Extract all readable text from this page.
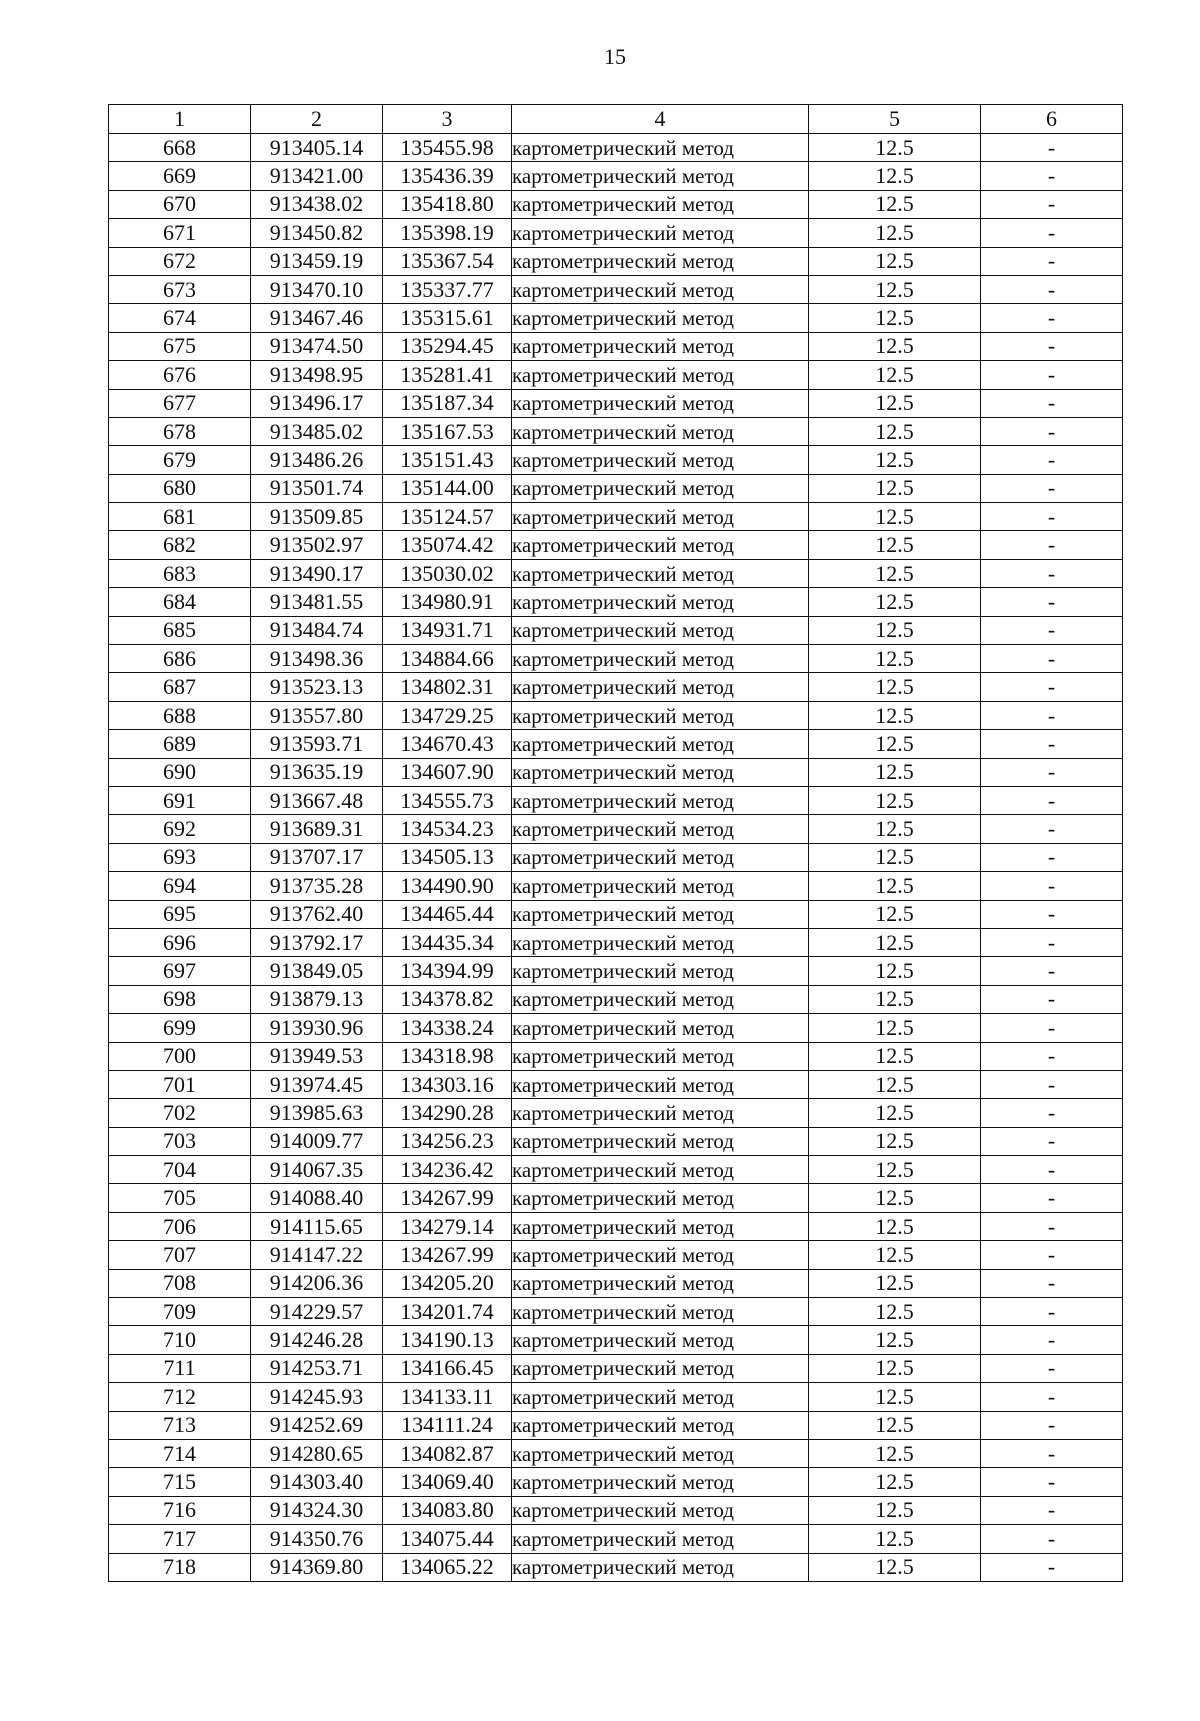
15
1	2	3	4	5	6
668	913405.14	135455.98	картометрический метод	12.5	-
669	913421.00	135436.39	картометрический метод	12.5	-
670	913438.02	135418.80	картометрический метод	12.5	-
671	913450.82	135398.19	картометрический метод	12.5	-
672	913459.19	135367.54	картометрический метод	12.5	-
673	913470.10	135337.77	картометрический метод	12.5	-
674	913467.46	135315.61	картометрический метод	12.5	-
675	913474.50	135294.45	картометрический метод	12.5	-
676	913498.95	135281.41	картометрический метод	12.5	-
677	913496.17	135187.34	картометрический метод	12.5	-
678	913485.02	135167.53	картометрический метод	12.5	-
679	913486.26	135151.43	картометрический метод	12.5	-
680	913501.74	135144.00	картометрический метод	12.5	-
681	913509.85	135124.57	картометрический метод	12.5	-
682	913502.97	135074.42	картометрический метод	12.5	-
683	913490.17	135030.02	картометрический метод	12.5	-
684	913481.55	134980.91	картометрический метод	12.5	-
685	913484.74	134931.71	картометрический метод	12.5	-
686	913498.36	134884.66	картометрический метод	12.5	-
687	913523.13	134802.31	картометрический метод	12.5	-
688	913557.80	134729.25	картометрический метод	12.5	-
689	913593.71	134670.43	картометрический метод	12.5	-
690	913635.19	134607.90	картометрический метод	12.5	-
691	913667.48	134555.73	картометрический метод	12.5	-
692	913689.31	134534.23	картометрический метод	12.5	-
693	913707.17	134505.13	картометрический метод	12.5	-
694	913735.28	134490.90	картометрический метод	12.5	-
695	913762.40	134465.44	картометрический метод	12.5	-
696	913792.17	134435.34	картометрический метод	12.5	-
697	913849.05	134394.99	картометрический метод	12.5	-
698	913879.13	134378.82	картометрический метод	12.5	-
699	913930.96	134338.24	картометрический метод	12.5	-
700	913949.53	134318.98	картометрический метод	12.5	-
701	913974.45	134303.16	картометрический метод	12.5	-
702	913985.63	134290.28	картометрический метод	12.5	-
703	914009.77	134256.23	картометрический метод	12.5	-
704	914067.35	134236.42	картометрический метод	12.5	-
705	914088.40	134267.99	картометрический метод	12.5	-
706	914115.65	134279.14	картометрический метод	12.5	-
707	914147.22	134267.99	картометрический метод	12.5	-
708	914206.36	134205.20	картометрический метод	12.5	-
709	914229.57	134201.74	картометрический метод	12.5	-
710	914246.28	134190.13	картометрический метод	12.5	-
711	914253.71	134166.45	картометрический метод	12.5	-
712	914245.93	134133.11	картометрический метод	12.5	-
713	914252.69	134111.24	картометрический метод	12.5	-
714	914280.65	134082.87	картометрический метод	12.5	-
715	914303.40	134069.40	картометрический метод	12.5	-
716	914324.30	134083.80	картометрический метод	12.5	-
717	914350.76	134075.44	картометрический метод	12.5	-
718	914369.80	134065.22	картометрический метод	12.5	-
